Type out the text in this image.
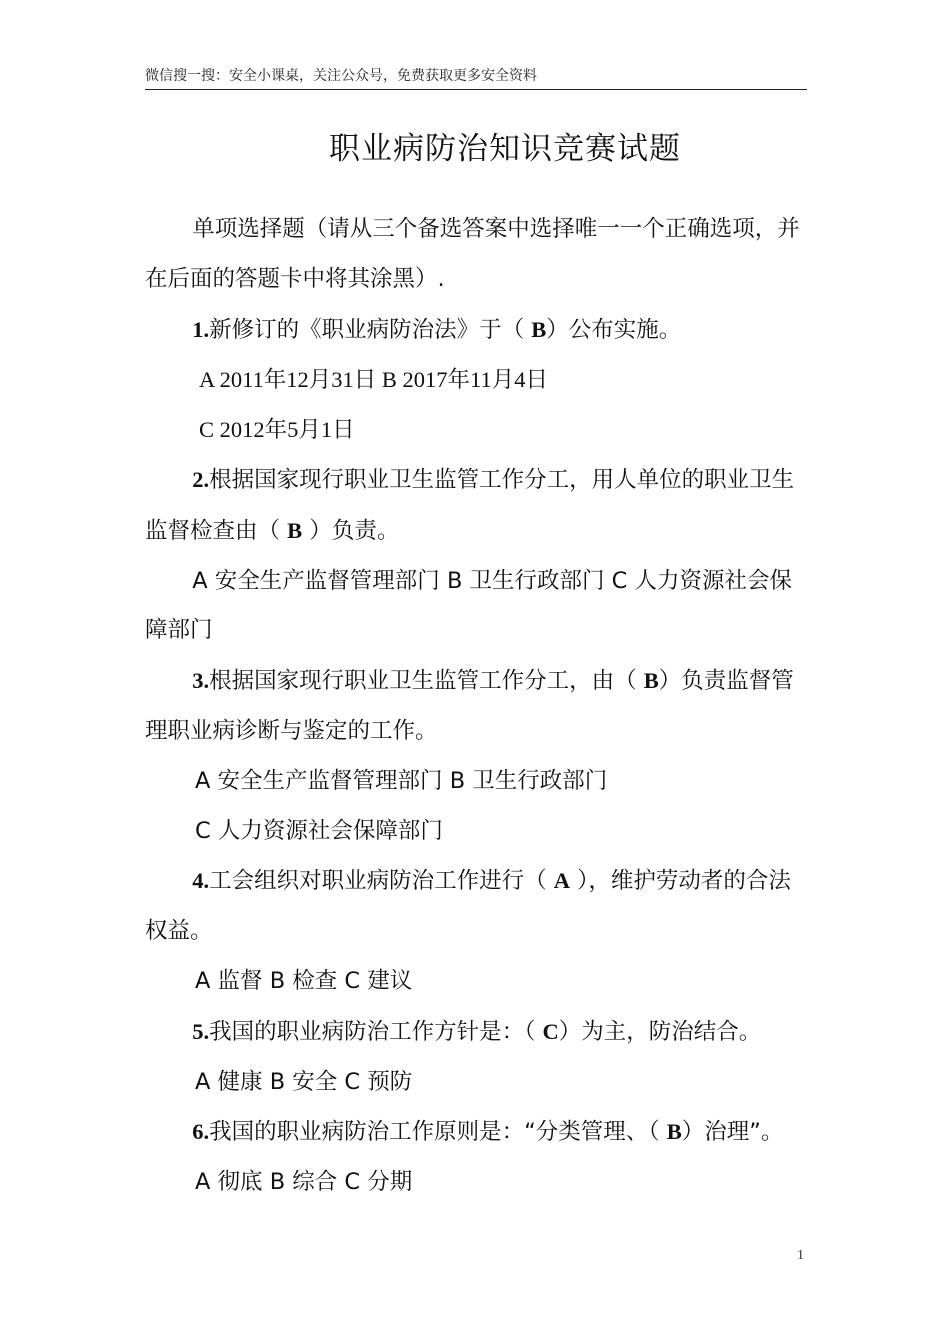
微信搜一搜：安全小课桌，关注公众号，免费获取更多安全资料
职业病防治知识竞赛试题

单项选择题（请从三个备选答案中选择唯一一个正确选项，并在后面的答题卡中将其涂黑）.

1.新修订的《职业病防治法》于（ B）公布实施。

A 2011年12月31日 B 2017年11月4日

C 2012年5月1日

2.根据国家现行职业卫生监管工作分工，用人单位的职业卫生监督检查由（ B ）负责。

A 安全生产监督管理部门 B 卫生行政部门 C 人力资源社会保障部门

3.根据国家现行职业卫生监管工作分工，由（ B）负责监督管理职业病诊断与鉴定的工作。

A 安全生产监督管理部门 B 卫生行政部门

C 人力资源社会保障部门

4.工会组织对职业病防治工作进行（ A ），维护劳动者的合法权益。

A 监督 B 检查 C 建议

5.我国的职业病防治工作方针是：（ C）为主，防治结合。

A 健康 B 安全 C 预防

6.我国的职业病防治工作原则是：“分类管理、（ B）治理”。

A 彻底 B 综合 C 分期

1
